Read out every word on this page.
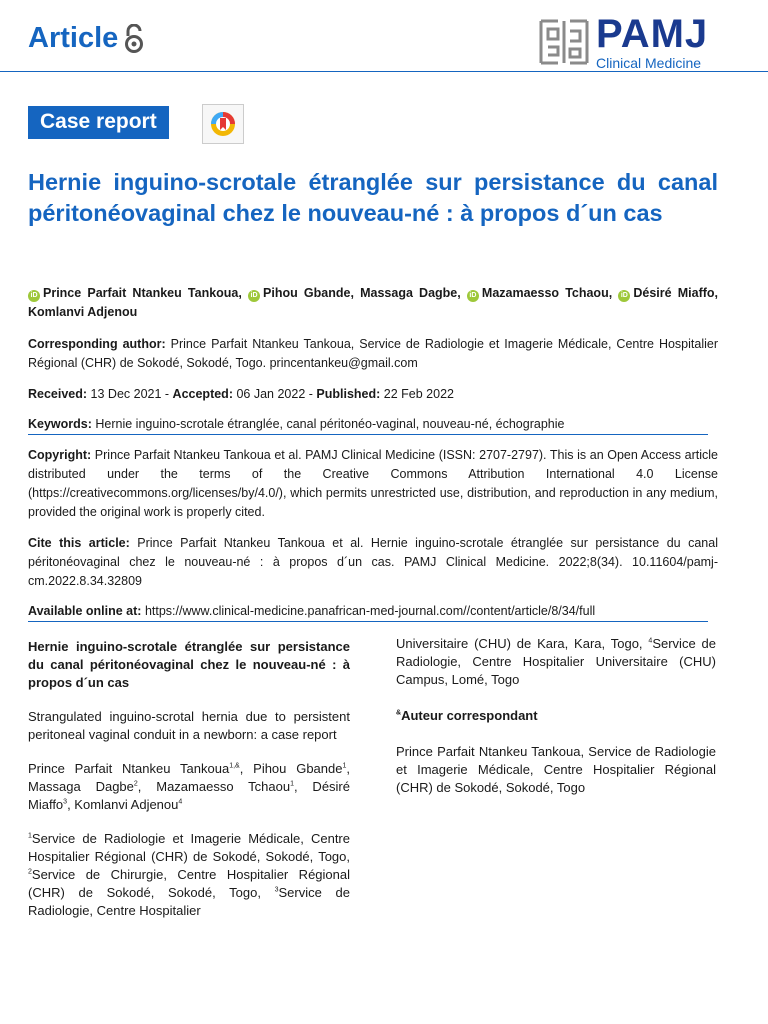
Article	PAMJ
Clinical Medicine
Case report
Hernie inguino-scrotale étranglée sur persistance du canal péritonéovaginal chez le nouveau-né : à propos d´un cas
iD Prince Parfait Ntankeu Tankoua, iD Pihou Gbande, Massaga Dagbe, iD Mazamaesso Tchaou, iD Désiré Miaffo, Komlanvi Adjenou
Corresponding author: Prince Parfait Ntankeu Tankoua, Service de Radiologie et Imagerie Médicale, Centre Hospitalier Régional (CHR) de Sokodé, Sokodé, Togo. princentankeu@gmail.com
Received: 13 Dec 2021 - Accepted: 06 Jan 2022 - Published: 22 Feb 2022
Keywords: Hernie inguino-scrotale étranglée, canal péritonéo-vaginal, nouveau-né, échographie
Copyright: Prince Parfait Ntankeu Tankoua et al. PAMJ Clinical Medicine (ISSN: 2707-2797). This is an Open Access article distributed under the terms of the Creative Commons Attribution International 4.0 License (https://creativecommons.org/licenses/by/4.0/), which permits unrestricted use, distribution, and reproduction in any medium, provided the original work is properly cited.
Cite this article: Prince Parfait Ntankeu Tankoua et al. Hernie inguino-scrotale étranglée sur persistance du canal péritonéovaginal chez le nouveau-né : à propos d´un cas. PAMJ Clinical Medicine. 2022;8(34). 10.11604/pamj-cm.2022.8.34.32809
Available online at: https://www.clinical-medicine.panafrican-med-journal.com//content/article/8/34/full

Hernie inguino-scrotale étranglée sur persistance du canal péritonéovaginal chez le nouveau-né : à propos d´un cas

Strangulated inguino-scrotal hernia due to persistent peritoneal vaginal conduit in a newborn: a case report

Prince Parfait Ntankeu Tankoua$^{1,\&}$, Pihou Gbande$^1$, Massaga Dagbe$^2$, Mazamaesso Tchaou$^1$, Désiré Miaffo$^3$, Komlanvi Adjenou$^4$

$^1$Service de Radiologie et Imagerie Médicale, Centre Hospitalier Régional (CHR) de Sokodé, Sokodé, Togo, $^2$Service de Chirurgie, Centre Hospitalier Régional (CHR) de Sokodé, Sokodé, Togo, $^3$Service de Radiologie, Centre Hospitalier

Universitaire (CHU) de Kara, Kara, Togo, $^4$Service de Radiologie, Centre Hospitalier Universitaire (CHU) Campus, Lomé, Togo

&Auteur correspondant

Prince Parfait Ntankeu Tankoua, Service de Radiologie et Imagerie Médicale, Centre Hospitalier Régional (CHR) de Sokodé, Sokodé, Togo
